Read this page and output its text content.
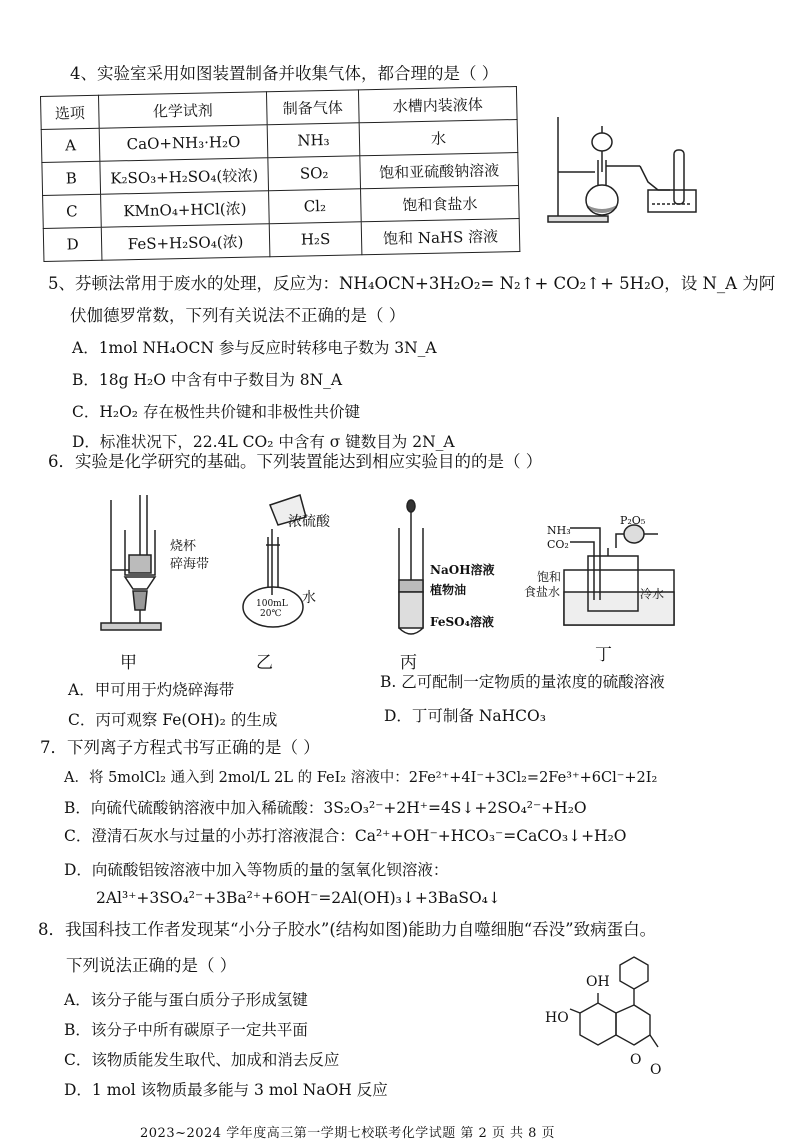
4、实验室采用如图装置制备并收集气体，都合理的是（ ）
选项	化学试剂	制备气体	水槽内装液体
A	CaO+NH₃·H₂O	NH₃	水
B	K₂SO₃+H₂SO₄(较浓)	SO₂	饱和亚硫酸钠溶液
C	KMnO₄+HCl(浓)	Cl₂	饱和食盐水
D	FeS+H₂SO₄(浓)	H₂S	饱和 NaHS 溶液
5、芬顿法常用于废水的处理，反应为：NH₄OCN+3H₂O₂= N₂↑+ CO₂↑+ 5H₂O，设 N_A 为阿
伏伽德罗常数，下列有关说法不正确的是（ ）
A．1mol NH₄OCN 参与反应时转移电子数为 3N_A
B．18g H₂O 中含有中子数目为 8N_A
C．H₂O₂ 存在极性共价键和非极性共价键
D．标准状况下，22.4L CO₂ 中含有 σ 键数目为 2N_A
6．实验是化学研究的基础。下列装置能达到相应实验目的的是（ ）
烧杯
碎海带
甲
浓硫酸
水
100mL
20℃
乙
NaOH溶液
植物油
FeSO₄溶液
丙
NH₃
CO₂
P₂O₅
饱和
食盐水	冷水
丁
A．甲可用于灼烧碎海带	B. 乙可配制一定物质的量浓度的硫酸溶液
C．丙可观察 Fe(OH)₂ 的生成	D．丁可制备 NaHCO₃
7．下列离子方程式书写正确的是（ ）
A．将 5molCl₂ 通入到 2mol/L 2L 的 FeI₂ 溶液中：2Fe²⁺+4I⁻+3Cl₂=2Fe³⁺+6Cl⁻+2I₂
B．向硫代硫酸钠溶液中加入稀硫酸：3S₂O₃²⁻+2H⁺=4S↓+2SO₄²⁻+H₂O
C．澄清石灰水与过量的小苏打溶液混合：Ca²⁺+OH⁻+HCO₃⁻=CaCO₃↓+H₂O
D．向硫酸铝铵溶液中加入等物质的量的氢氧化钡溶液：
2Al³⁺+3SO₄²⁻+3Ba²⁺+6OH⁻=2Al(OH)₃↓+3BaSO₄↓
8．我国科技工作者发现某“小分子胶水”(结构如图)能助力自噬细胞“吞没”致病蛋白。
下列说法正确的是（ ）
A．该分子能与蛋白质分子形成氢键
B．该分子中所有碳原子一定共平面
C．该物质能发生取代、加成和消去反应
D．1 mol 该物质最多能与 3 mol NaOH 反应
OH
HO
O
O
2023~2024 学年度高三第一学期七校联考化学试题 第 2 页 共 8 页
